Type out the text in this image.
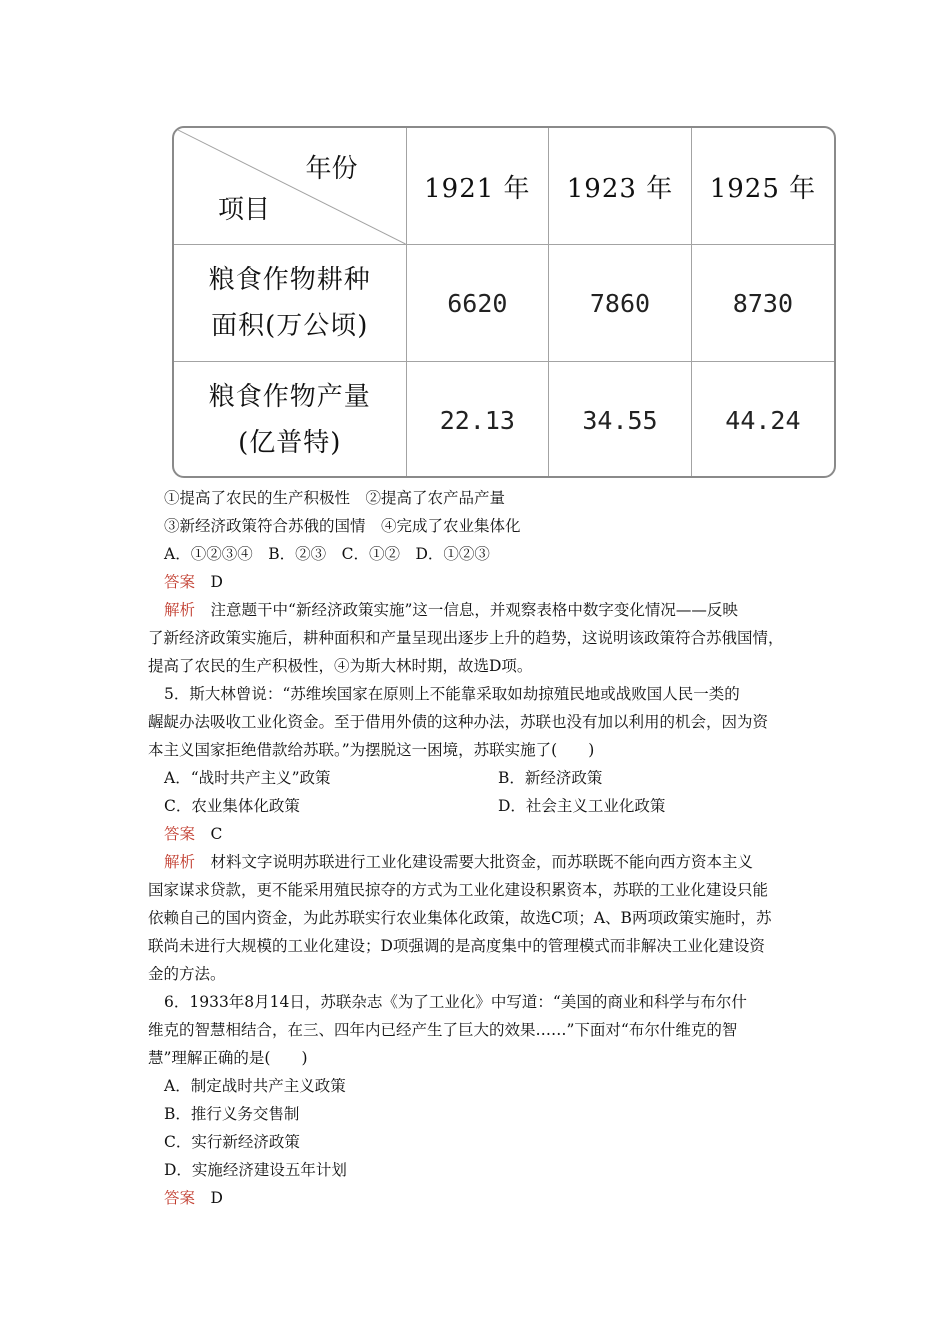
年份
项目	1921 年	1923 年	1925 年

粮食作物耕种
面积(万公顷)	6620	7860	8730

粮食作物产量
(亿普特)	22.13	34.55	44.24

①提高了农民的生产积极性　②提高了农产品产量

③新经济政策符合苏俄的国情　④完成了农业集体化

A．①②③④　B．②③　C．①②　D．①②③

答案　 D

解析　 注意题干中“新经济政策实施”这一信息，并观察表格中数字变化情况——反映

了新经济政策实施后，耕种面积和产量呈现出逐步上升的趋势，这说明该政策符合苏俄国情，

提高了农民的生产积极性，④为斯大林时期，故选D项。

5．斯大林曾说：“苏维埃国家在原则上不能靠采取如劫掠殖民地或战败国人民一类的

龌龊办法吸收工业化资金。至于借用外债的这种办法，苏联也没有加以利用的机会，因为资

本主义国家拒绝借款给苏联。”为摆脱这一困境，苏联实施了(　　)

A．“战时共产主义”政策	B．新经济政策

C．农业集体化政策	D．社会主义工业化政策

答案　 C

解析　 材料文字说明苏联进行工业化建设需要大批资金，而苏联既不能向西方资本主义

国家谋求贷款，更不能采用殖民掠夺的方式为工业化建设积累资本，苏联的工业化建设只能

依赖自己的国内资金，为此苏联实行农业集体化政策，故选C项；A、B两项政策实施时，苏

联尚未进行大规模的工业化建设；D项强调的是高度集中的管理模式而非解决工业化建设资

金的方法。

6．1933年8月14日，苏联杂志《为了工业化》中写道：“美国的商业和科学与布尔什

维克的智慧相结合，在三、四年内已经产生了巨大的效果……”下面对“布尔什维克的智

慧”理解正确的是(　　)

A．制定战时共产主义政策

B．推行义务交售制

C．实行新经济政策

D．实施经济建设五年计划

答案　 D
